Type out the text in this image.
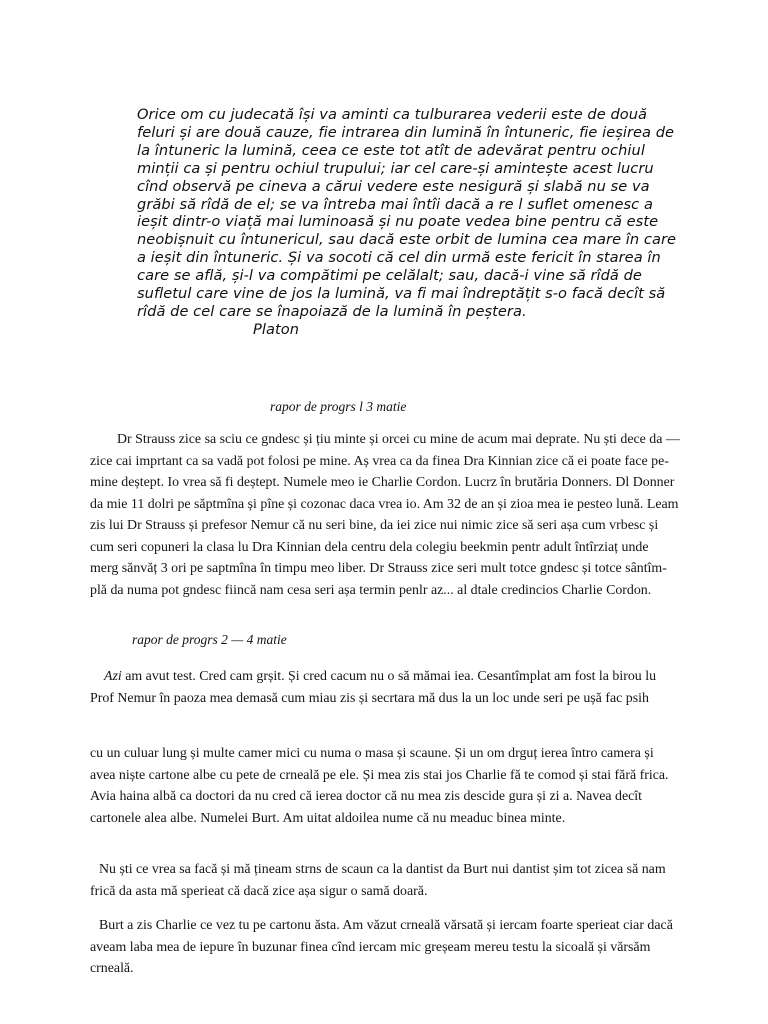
Orice om cu judecată își va aminti ca tulburarea vederii este de două feluri și are două cauze, fie intrarea din lumină în întuneric, fie ieșirea de la întuneric la lumină, ceea ce este tot atît de adevărat pentru ochiul minții ca și pentru ochiul trupului; iar cel care-și amintește acest lucru cînd observă pe cineva a cărui vedere este nesigură și slabă nu se va grăbi să rîdă de el; se va întreba mai întîi dacă a re l suflet omenesc a ieșit dintr-o viață mai luminoasă și nu poate vedea bine pentru că este neobișnuit cu întunericul, sau dacă este orbit de lumina cea mare în care a ieșit din întuneric. Și va socoti că cel din urmă este fericit în starea în care se află, și-l va compătimi pe celălalt; sau, dacă-i vine să rîdă de sufletul care vine de jos la lumină, va fi mai îndreptățit s-o facă decît să rîdă de cel care se înapoiază de la lumină în peștera.Platon

rapor de progrs l 3 matie

Dr Strauss zice sa sciu ce gndesc și țiu minte și orcei cu mine de acum mai deprate. Nu ști dece da — zice cai imprtant ca sa vadă pot folosi pe mine. Aș vrea ca da finea Dra Kinnian zice că ei poate face pe-mine deștept. Io vrea să fi deștept. Numele meo ie Charlie Cordon. Lucrz în brutăria Donners. Dl Donner da mie 11 dolri pe săptmîna și pîne și cozonac daca vrea io. Am 32 de an și zioa mea ie pesteo lună. Leam zis lui Dr Strauss și prefesor Nemur că nu seri bine, da iei zice nui nimic zice să seri așa cum vrbesc și cum seri copuneri la clasa lu Dra Kinnian dela centru dela colegiu beekmin pentr adult întîrziaț unde merg sănvăț 3 ori pe saptmîna în timpu meo liber. Dr Strauss zice seri mult totce gndesc și totce sântîm-plă da numa pot gndesc fiincă nam cesa seri așa termin penlr az... al dtale credincios Charlie Cordon.

rapor de progrs 2 — 4 matie

Azi am avut test. Cred cam grșit. Și cred cacum nu o să mămai iea. Cesantîmplat am fost la birou lu Prof Nemur în paoza mea demasă cum miau zis și secrtara mă dus la un loc unde seri pe ușă fac psih

cu un culuar lung și multe camer mici cu numa o masa și scaune. Și un om drguț ierea întro camera și avea niște cartone albe cu pete de crneală pe ele. Și mea zis stai jos Charlie fă te comod și stai fără frica. Avia haina albă ca doctori da nu cred că ierea doctor că nu mea zis descide gura și zi a. Navea decît cartonele alea albe. Numelei Burt. Am uitat aldoilea nume că nu meaduc binea minte.

Nu ști ce vrea sa facă și mă țineam strns de scaun ca la dantist da Burt nui dantist șim tot zicea să nam frică da asta mă sperieat că dacă zice așa sigur o samă doară.

Burt a zis Charlie ce vez tu pe cartonu ăsta. Am văzut crneală vărsată și iercam foarte sperieat ciar dacă aveam laba mea de iepure în buzunar finea cînd iercam mic greșeam mereu testu la sicoală și vărsăm crneală.
